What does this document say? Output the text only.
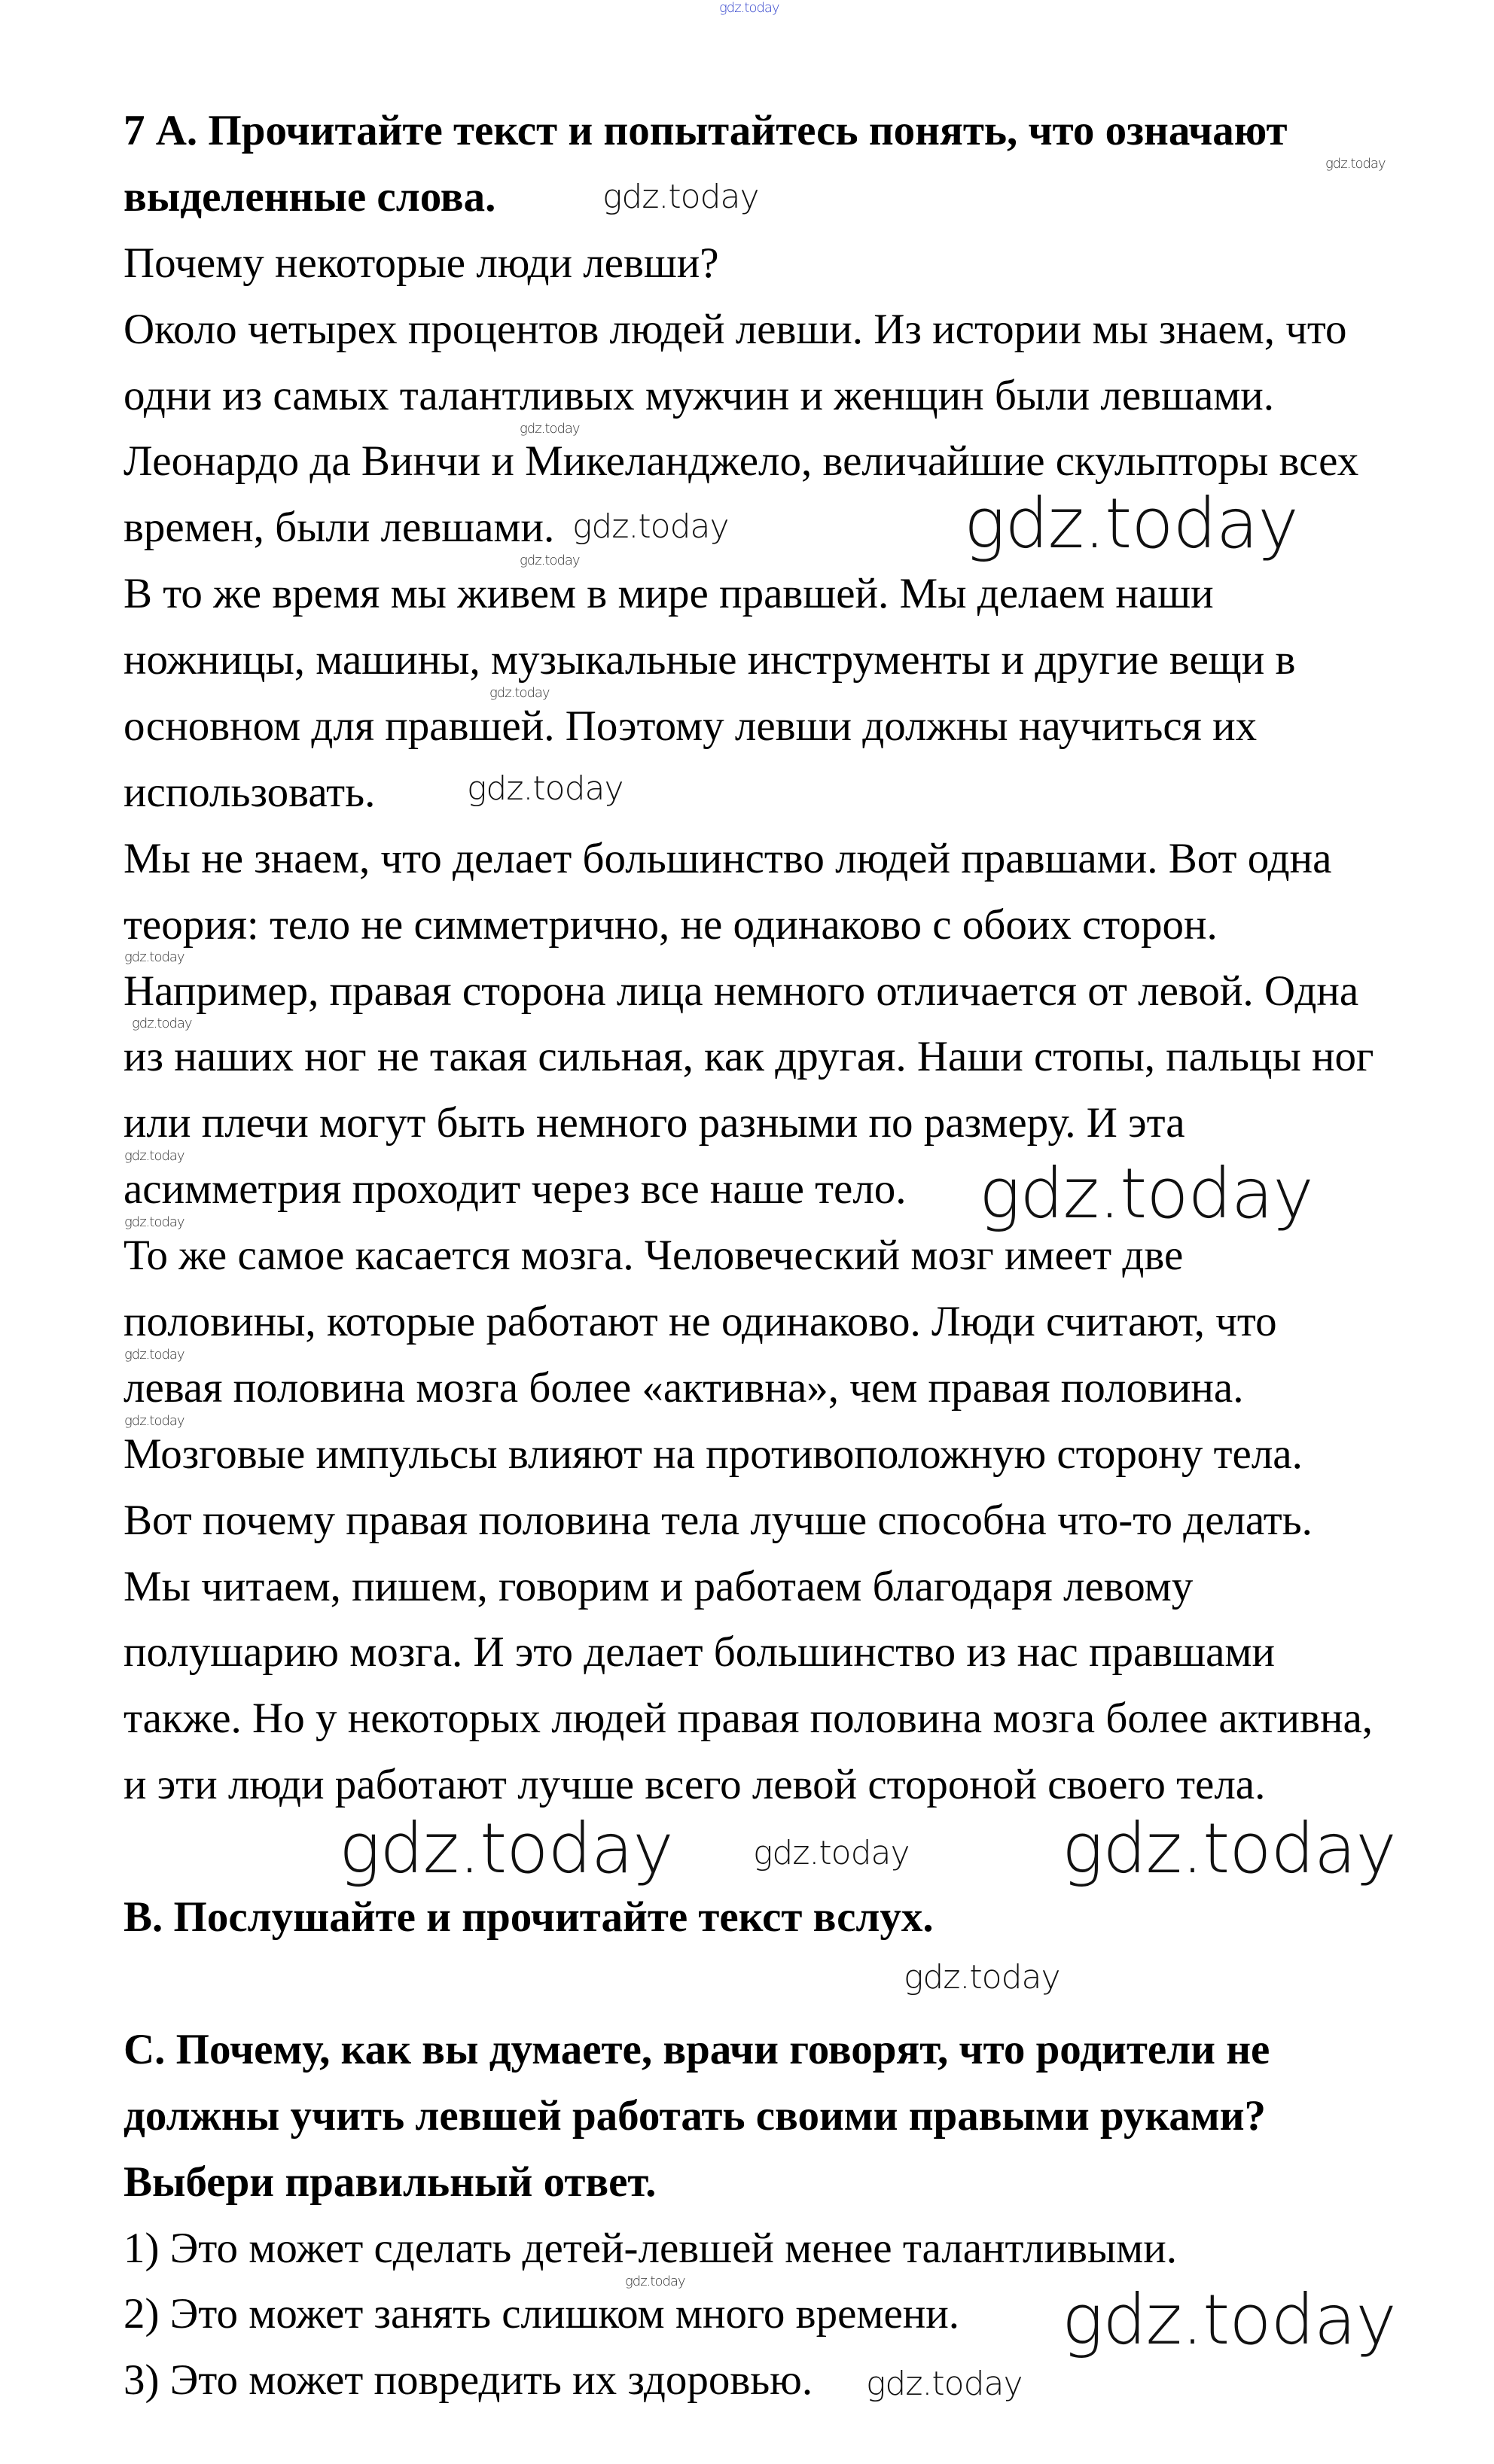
7 А. Прочитайте текст и попытайтесь понять, что означают
выделенные слова.
Почему некоторые люди левши?
Около четырех процентов людей левши. Из истории мы знаем, что
одни из самых талантливых мужчин и женщин были левшами.
Леонардо да Винчи и Микеланджело, величайшие скульпторы всех
времен, были левшами.
В то же время мы живем в мире правшей. Мы делаем наши
ножницы, машины, музыкальные инструменты и другие вещи в
основном для правшей. Поэтому левши должны научиться их
использовать.
Мы не знаем, что делает большинство людей правшами. Вот одна
теория: тело не симметрично, не одинаково с обоих сторон.
Например, правая сторона лица немного отличается от левой. Одна
из наших ног не такая сильная, как другая. Наши стопы, пальцы ног
или плечи могут быть немного разными по размеру. И эта
асимметрия проходит через все наше тело.
То же самое касается мозга. Человеческий мозг имеет две
половины, которые работают не одинаково. Люди считают, что
левая половина мозга более «активна», чем правая половина.
Мозговые импульсы влияют на противоположную сторону тела.
Вот почему правая половина тела лучше способна что-то делать.
Мы читаем, пишем, говорим и работаем благодаря левому
полушарию мозга. И это делает большинство из нас правшами
также. Но у некоторых людей правая половина мозга более активна,
и эти люди работают лучше всего левой стороной своего тела.
В. Послушайте и прочитайте текст вслух.
С. Почему, как вы думаете, врачи говорят, что родители не
должны учить левшей работать своими правыми руками?
Выбери правильный ответ.
1) Это может сделать детей-левшей менее талантливыми.
2) Это может занять слишком много времени.
3) Это может повредить их здоровью.
gdz.today
gdz.today
gdz.today
gdz.today
gdz.today
gdz.today
gdz.today
gdz.today
gdz.today
gdz.today
gdz.today
gdz.today
gdz.today	gdz.today
gdz.today
gdz.today
gdz.today
gdz.today
gdz.today	gdz.today
gdz.today
gdz.today	gdz.today
